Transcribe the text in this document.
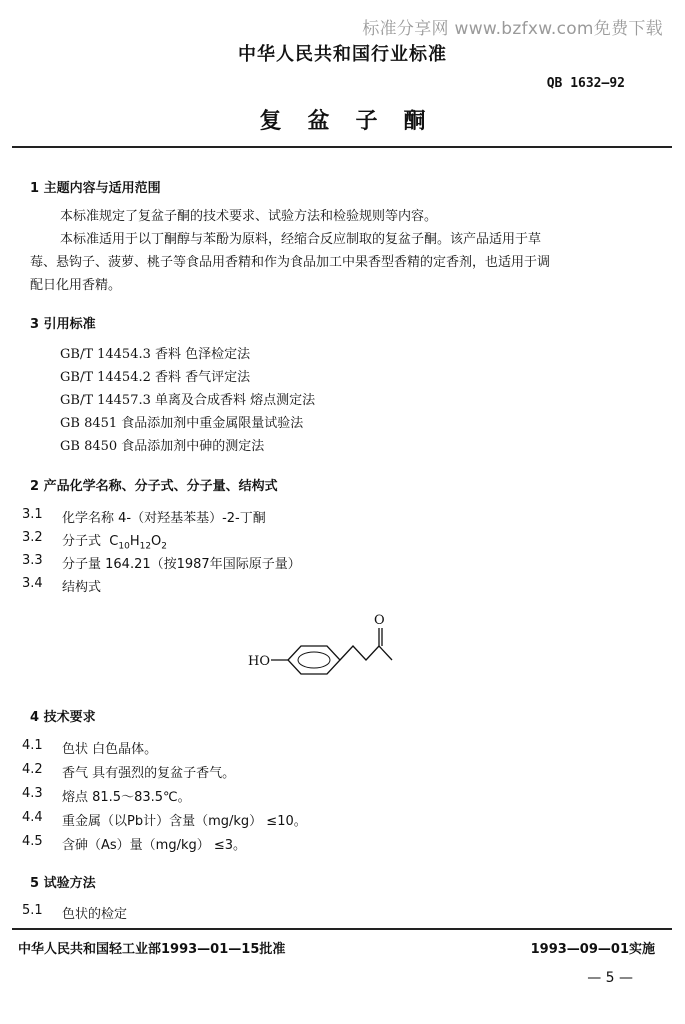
标准分享网 www.bzfxw.com免费下载
中华人民共和国行业标准
QB 1632—92
复盆子酮
1 主题内容与适用范围
本标准规定了复盆子酮的技术要求、试验方法和检验规则等内容。
本标准适用于以丁酮醇与苯酚为原料，经缩合反应制取的复盆子酮。该产品适用于草
莓、悬钩子、菠萝、桃子等食品用香精和作为食品加工中果香型香精的定香剂，也适用于调
配日化用香精。
3 引用标准
GB/T 14454.3 香料 色泽检定法
GB/T 14454.2 香料 香气评定法
GB/T 14457.3 单离及合成香料 熔点测定法
GB 8451 食品添加剂中重金属限量试验法
GB 8450 食品添加剂中砷的测定法
2 产品化学名称、分子式、分子量、结构式
3.1 化学名称 4-（对羟基苯基）-2-丁酮
3.2 分子式 $C_{10}H_{12}O_2$
3.3 分子量 164.21（按1987年国际原子量）
3.4 结构式
HO
O
4 技术要求
4.1 色状 白色晶体。
4.2 香气 具有强烈的复盆子香气。
4.3 熔点 81.5～83.5℃。
4.4 重金属（以Pb计）含量（mg/kg） ≤10。
4.5 含砷（As）量（mg/kg） ≤3。
5 试验方法
5.1 色状的检定
中华人民共和国轻工业部1993—01—15批准	1993—09—01实施
— 5 —
